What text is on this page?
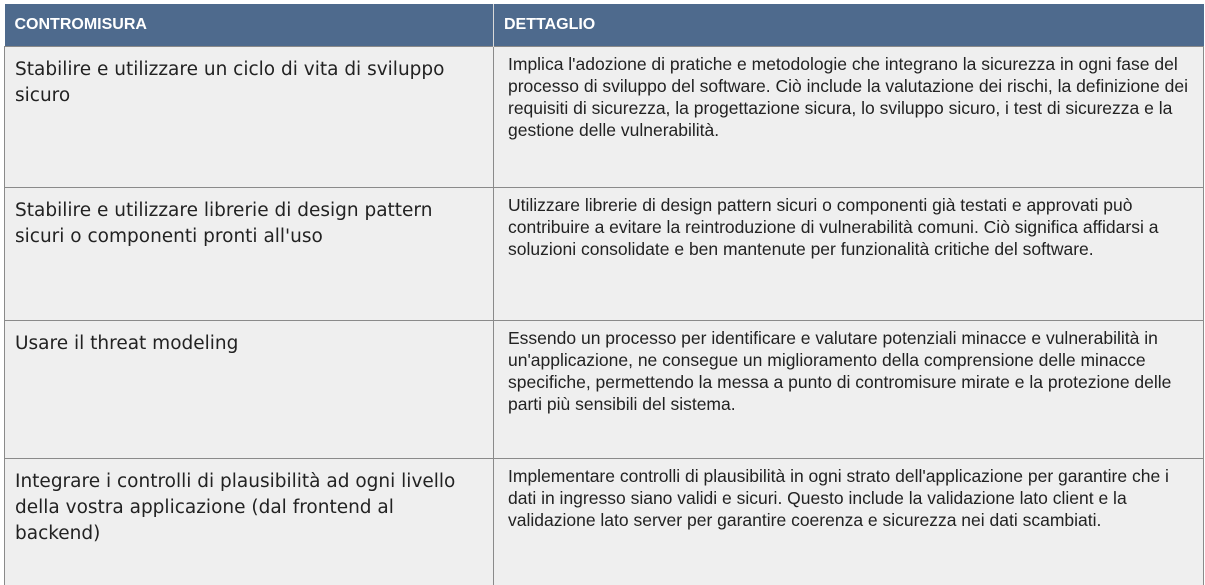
CONTROMISURA	DETTAGLIO
Stabilire e utilizzare un ciclo di vita di sviluppo sicuro	Implica l'adozione di pratiche e metodologie che integrano la sicurezza in ogni fase del processo di sviluppo del software. Ciò include la valutazione dei rischi, la definizione dei requisiti di sicurezza, la progettazione sicura, lo sviluppo sicuro, i test di sicurezza e la gestione delle vulnerabilità.
Stabilire e utilizzare librerie di design pattern sicuri o componenti pronti all'uso	Utilizzare librerie di design pattern sicuri o componenti già testati e approvati può contribuire a evitare la reintroduzione di vulnerabilità comuni. Ciò significa affidarsi a soluzioni consolidate e ben mantenute per funzionalità critiche del software.
Usare il threat modeling	Essendo un processo per identificare e valutare potenziali minacce e vulnerabilità in un'applicazione, ne consegue un miglioramento della comprensione delle minacce specifiche, permettendo la messa a punto di contromisure mirate e la protezione delle parti più sensibili del sistema.
Integrare i controlli di plausibilità ad ogni livello della vostra applicazione (dal frontend al backend)	Implementare controlli di plausibilità in ogni strato dell'applicazione per garantire che i dati in ingresso siano validi e sicuri. Questo include la validazione lato client e la validazione lato server per garantire coerenza e sicurezza nei dati scambiati.
